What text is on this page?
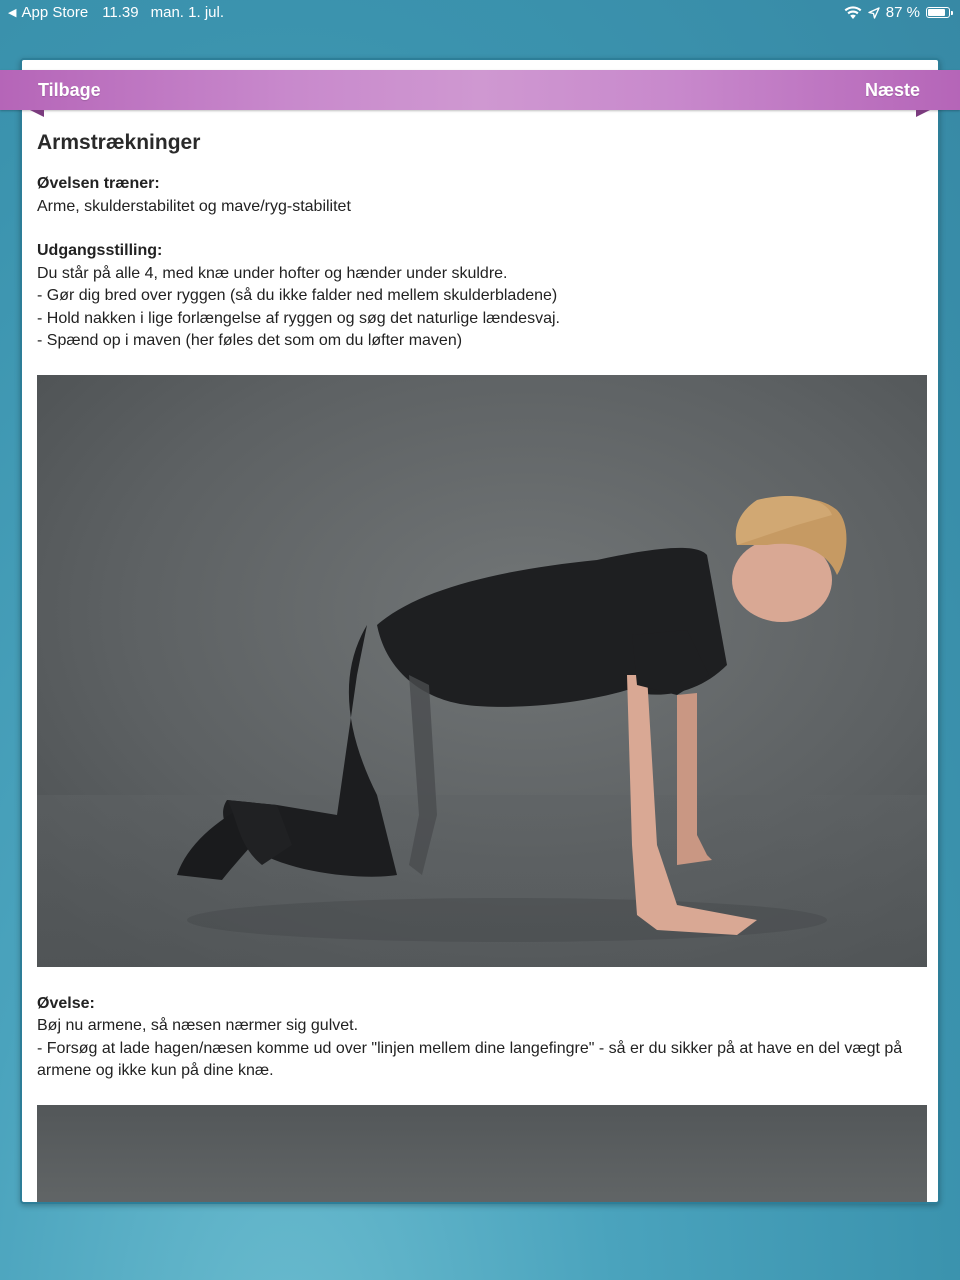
◀ App Store 11.39 man. 1. jul.	87 %
Armstrækninger
Øvelsen træner:
Arme, skulderstabilitet og mave/ryg-stabilitet
Udgangsstilling:
Du står på alle 4, med knæ under hofter og hænder under skuldre.
- Gør dig bred over ryggen (så du ikke falder ned mellem skulderbladene)
- Hold nakken i lige forlængelse af ryggen og søg det naturlige lændesvaj.
- Spænd op i maven (her føles det som om du løfter maven)
Øvelse:
Bøj nu armene, så næsen nærmer sig gulvet.
- Forsøg at lade hagen/næsen komme ud over "linjen mellem dine langefingre" - så er du sikker på at have en del vægt på armene og ikke kun på dine knæ.
Tilbage	Næste
